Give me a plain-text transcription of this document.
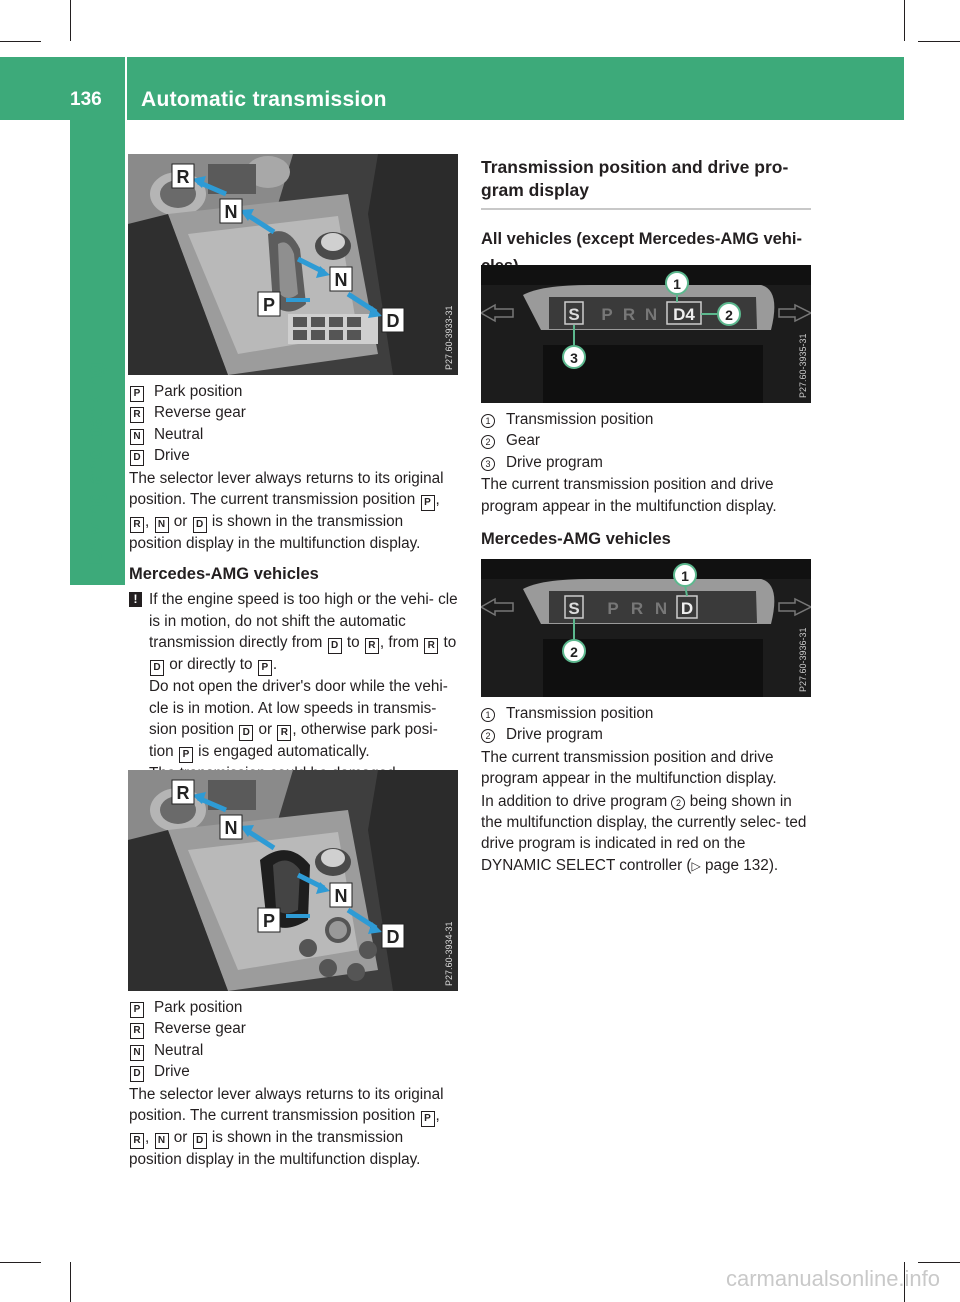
136	Automatic transmission
Driving and parking
R
N
N
P
D	P27.60-3933-31
P Park position
R Reverse gear
N Neutral
D Drive

The selector lever always returns to its original position. The current transmission position P , R , N or D is shown in the transmission position display in the multifunction display.

Mercedes-AMG vehicles
! If the engine speed is too high or the vehi- cle is in motion, do not shift the automatic transmission directly from D to R , from R to D or directly to P .

Do not open the driver's door while the vehi- cle is in motion. At low speeds in transmis- sion position D or R , otherwise park posi- tion P is engaged automatically.

R
N
N
P
D	P27.60-3934-31
P Park position
R Reverse gear
N Neutral
D Drive

The selector lever always returns to its original position. The current transmission position P , R , N or D is shown in the transmission position display in the multifunction display.

Transmission position and drive pro- gram display
All vehicles (except Mercedes-AMG vehi-
S P R N D4
1
2
3	P27.60-3935-31
1 Transmission position
2 Gear
3 Drive program

The current transmission position and drive program appear in the multifunction display.

Mercedes-AMG vehicles
S P R N D
1
2	P27.60-3936-31
1 Transmission position
2 Drive program

The current transmission position and drive program appear in the multifunction display.

In addition to drive program 2 being shown in the multifunction display, the currently selec- ted drive program is indicated in red on the DYNAMIC SELECT controller (▷ page 132).

carmanualsonline.info
